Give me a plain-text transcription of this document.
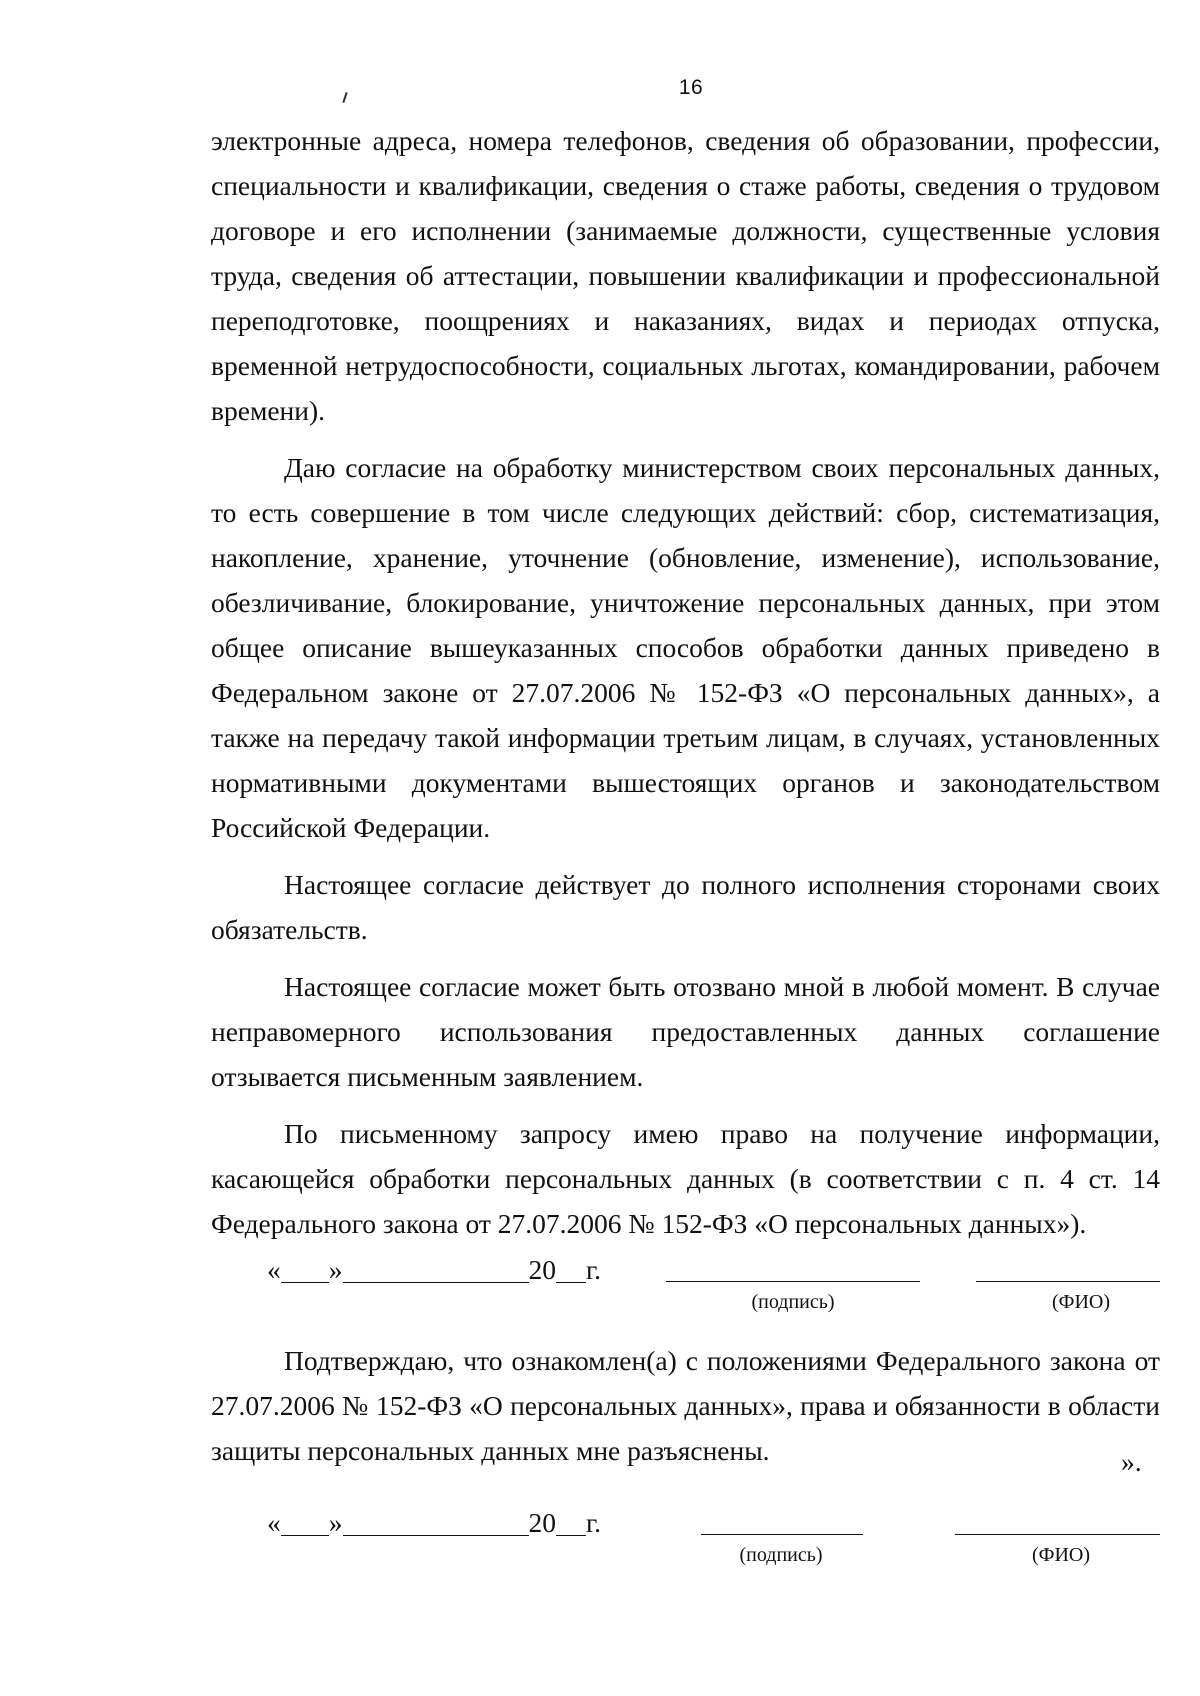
16

электронные адреса, номера телефонов, сведения об образовании, профессии, специальности и квалификации, сведения о стаже работы, сведения о трудовом договоре и его исполнении (занимаемые должности, существенные условия труда, сведения об аттестации, повышении квалификации и профессиональной переподготовке, поощрениях и наказаниях, видах и периодах отпуска, временной нетрудоспособности, социальных льготах, командировании, рабочем времени).

Даю согласие на обработку министерством своих персональных данных, то есть совершение в том числе следующих действий: сбор, систематизация, накопление, хранение, уточнение (обновление, изменение), использование, обезличивание, блокирование, уничтожение персональных данных, при этом общее описание вышеуказанных способов обработки данных приведено в Федеральном законе от 27.07.2006 № 152-ФЗ «О персональных данных», а также на передачу такой информации третьим лицам, в случаях, установленных нормативными документами вышестоящих органов и законодательством Российской Федерации.

Настоящее согласие действует до полного исполнения сторонами своих обязательств.

Настоящее согласие может быть отозвано мной в любой момент. В случае неправомерного использования предоставленных данных соглашение отзывается письменным заявлением.

По письменному запросу имею право на получение информации, касающейся обработки персональных данных (в соответствии с п. 4 ст. 14 Федерального закона от 27.07.2006 № 152-ФЗ «О персональных данных»).

« »	20 г.
(подпись)	(ФИО)

Подтверждаю, что ознакомлен(а) с положениями Федерального закона от 27.07.2006 № 152-ФЗ «О персональных данных», права и обязанности в области защиты персональных данных мне разъяснены.

« »	20 г.
(подпись)	(ФИО)
».
